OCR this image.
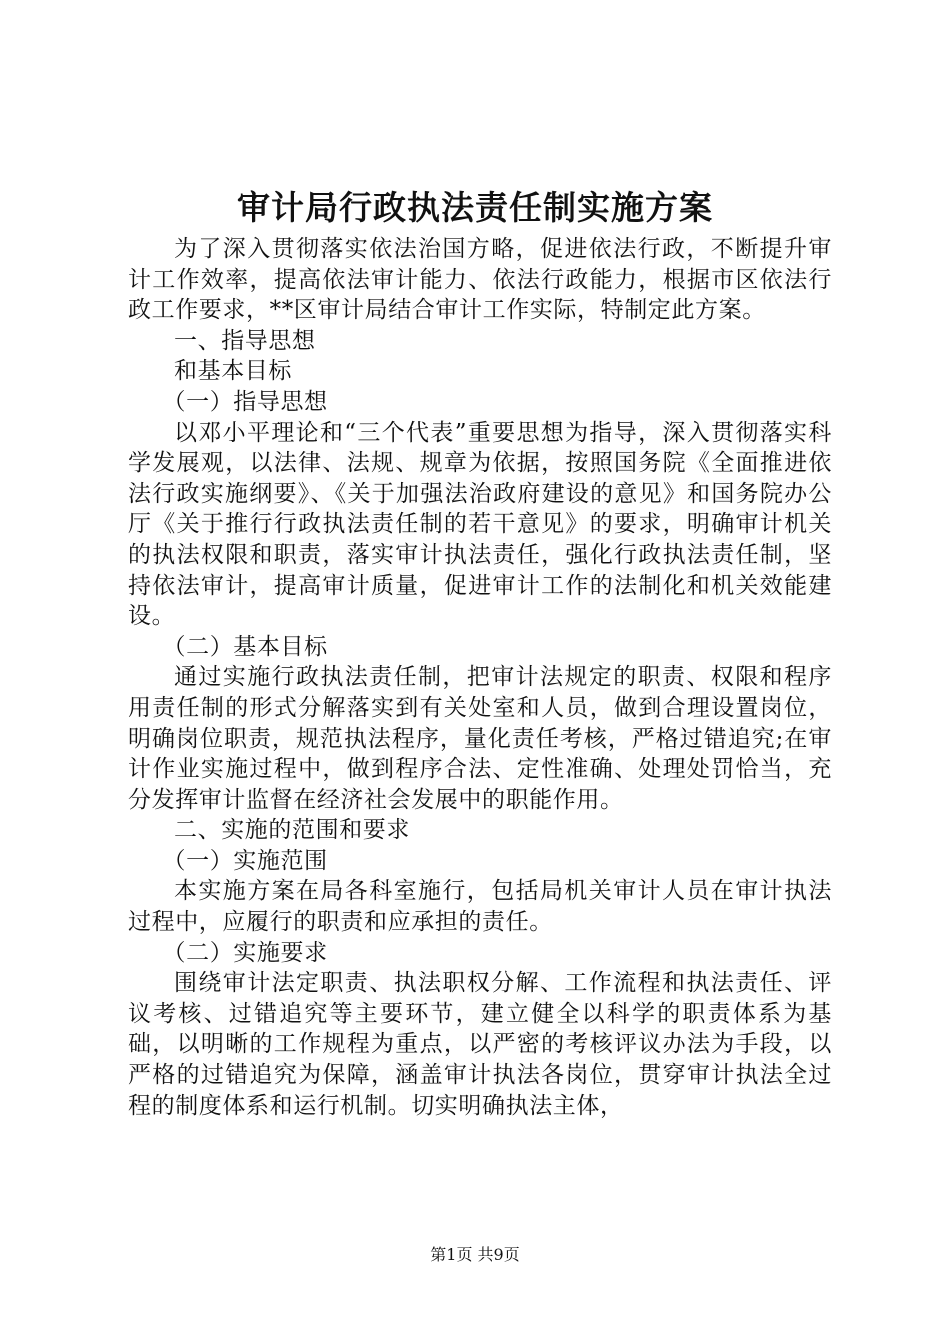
审计局行政执法责任制实施方案

为了深入贯彻落实依法治国方略，促进依法行政，不断提升审计工作效率，提高依法审计能力、依法行政能力，根据市区依法行政工作要求，**区审计局结合审计工作实际，特制定此方案。

一、指导思想

和基本目标

（一）指导思想

以邓小平理论和“三个代表”重要思想为指导，深入贯彻落实科学发展观，以法律、法规、规章为依据，按照国务院《全面推进依法行政实施纲要》、《关于加强法治政府建设的意见》和国务院办公厅《关于推行行政执法责任制的若干意见》的要求，明确审计机关的执法权限和职责，落实审计执法责任，强化行政执法责任制，坚持依法审计，提高审计质量，促进审计工作的法制化和机关效能建设。

（二）基本目标

通过实施行政执法责任制，把审计法规定的职责、权限和程序用责任制的形式分解落实到有关处室和人员，做到合理设置岗位，明确岗位职责，规范执法程序，量化责任考核，严格过错追究;在审计作业实施过程中，做到程序合法、定性准确、处理处罚恰当，充分发挥审计监督在经济社会发展中的职能作用。

二、实施的范围和要求

（一）实施范围

本实施方案在局各科室施行，包括局机关审计人员在审计执法过程中，应履行的职责和应承担的责任。

（二）实施要求

围绕审计法定职责、执法职权分解、工作流程和执法责任、评议考核、过错追究等主要环节，建立健全以科学的职责体系为基础，以明晰的工作规程为重点，以严密的考核评议办法为手段，以严格的过错追究为保障，涵盖审计执法各岗位，贯穿审计执法全过程的制度体系和运行机制。切实明确执法主体，

第1页 共9页
